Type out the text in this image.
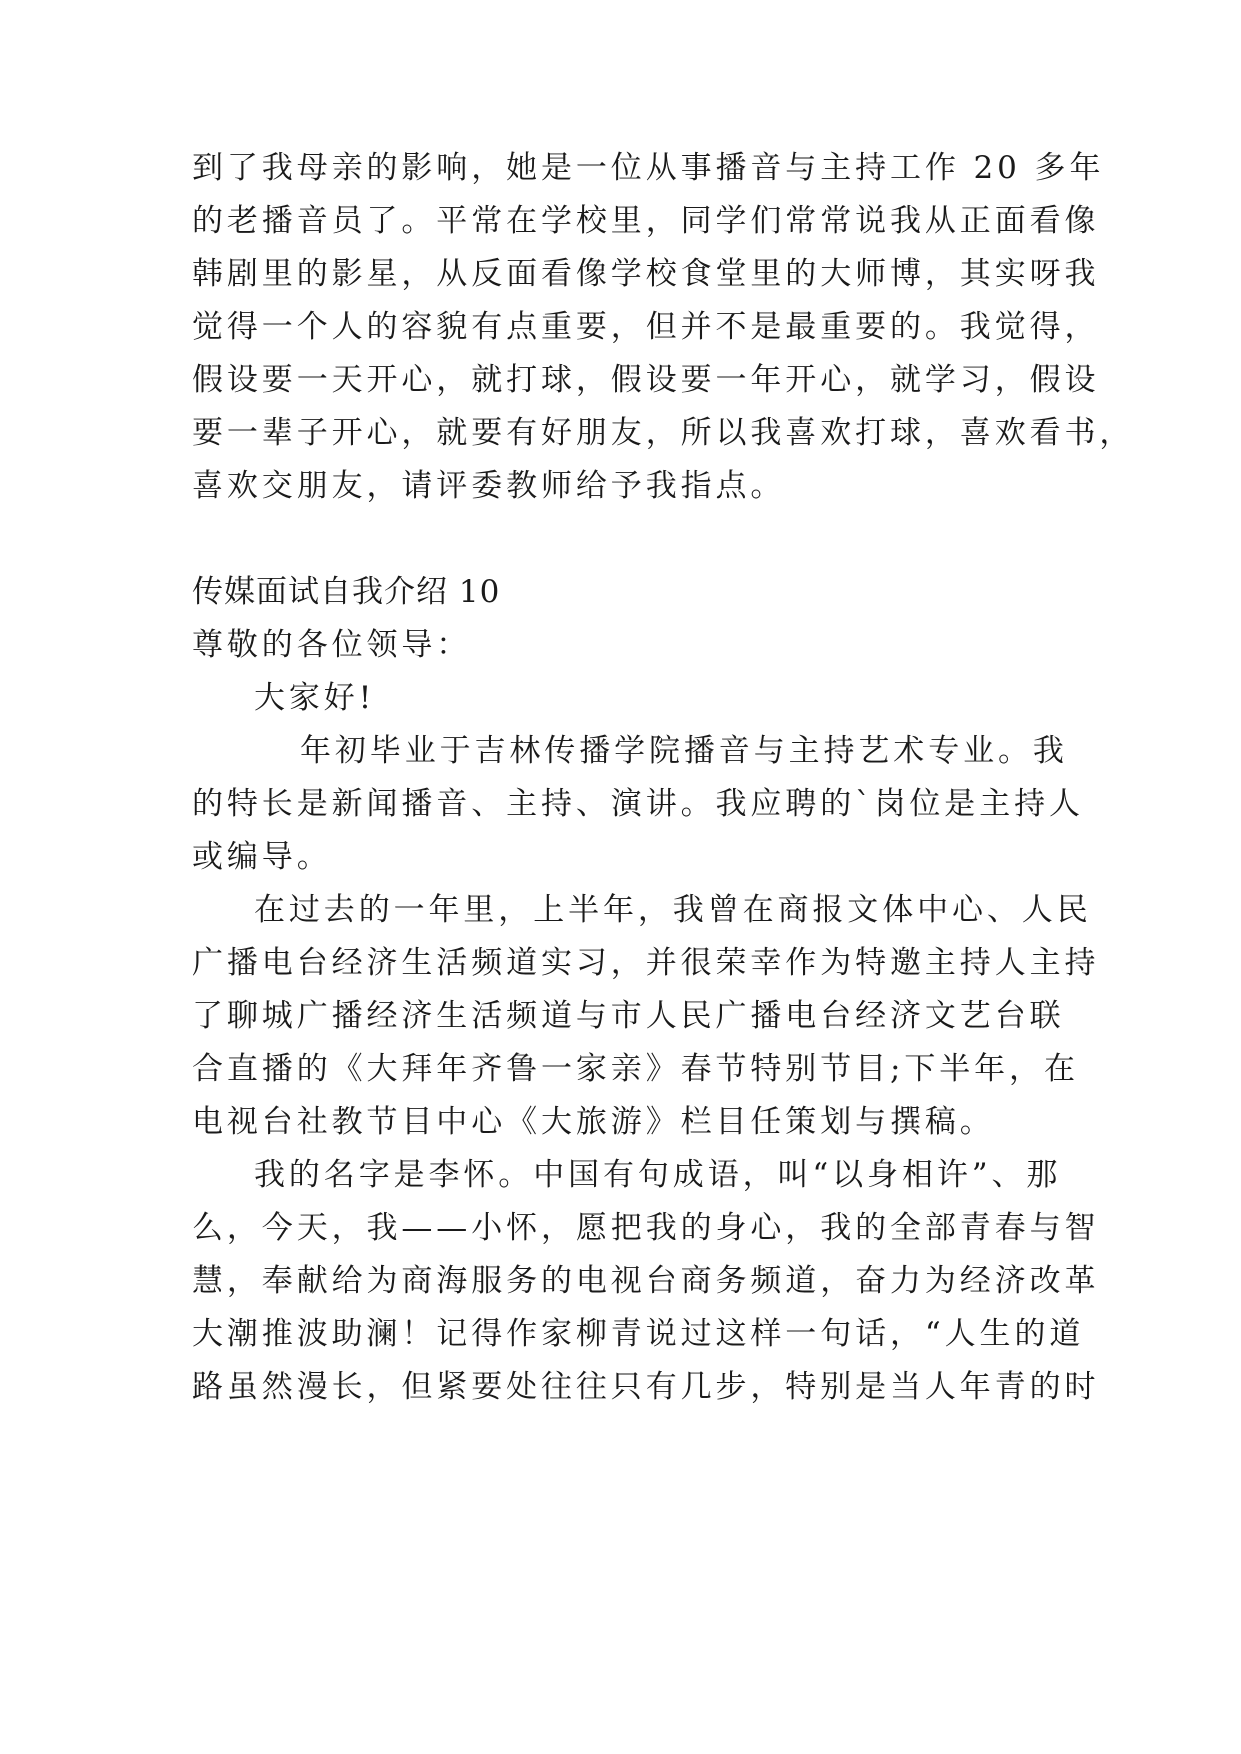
到了我母亲的影响，她是一位从事播音与主持工作 20 多年
的老播音员了。平常在学校里，同学们常常说我从正面看像
韩剧里的影星，从反面看像学校食堂里的大师博，其实呀我
觉得一个人的容貌有点重要，但并不是最重要的。我觉得，
假设要一天开心，就打球，假设要一年开心，就学习，假设
要一辈子开心，就要有好朋友，所以我喜欢打球，喜欢看书，
喜欢交朋友，请评委教师给予我指点。
传媒面试自我介绍 10
尊敬的各位领导：
大家好!
年初毕业于吉林传播学院播音与主持艺术专业。我
的特长是新闻播音、主持、演讲。我应聘的`岗位是主持人
或编导。
在过去的一年里，上半年，我曾在商报文体中心、人民
广播电台经济生活频道实习，并很荣幸作为特邀主持人主持
了聊城广播经济生活频道与市人民广播电台经济文艺台联
合直播的《大拜年齐鲁一家亲》春节特别节目;下半年，在
电视台社教节目中心《大旅游》栏目任策划与撰稿。
我的名字是李怀。中国有句成语，叫“以身相许”、那
么，今天，我——小怀，愿把我的身心，我的全部青春与智
慧，奉献给为商海服务的电视台商务频道，奋力为经济改革
大潮推波助澜！记得作家柳青说过这样一句话，“人生的道
路虽然漫长，但紧要处往往只有几步，特别是当人年青的时
